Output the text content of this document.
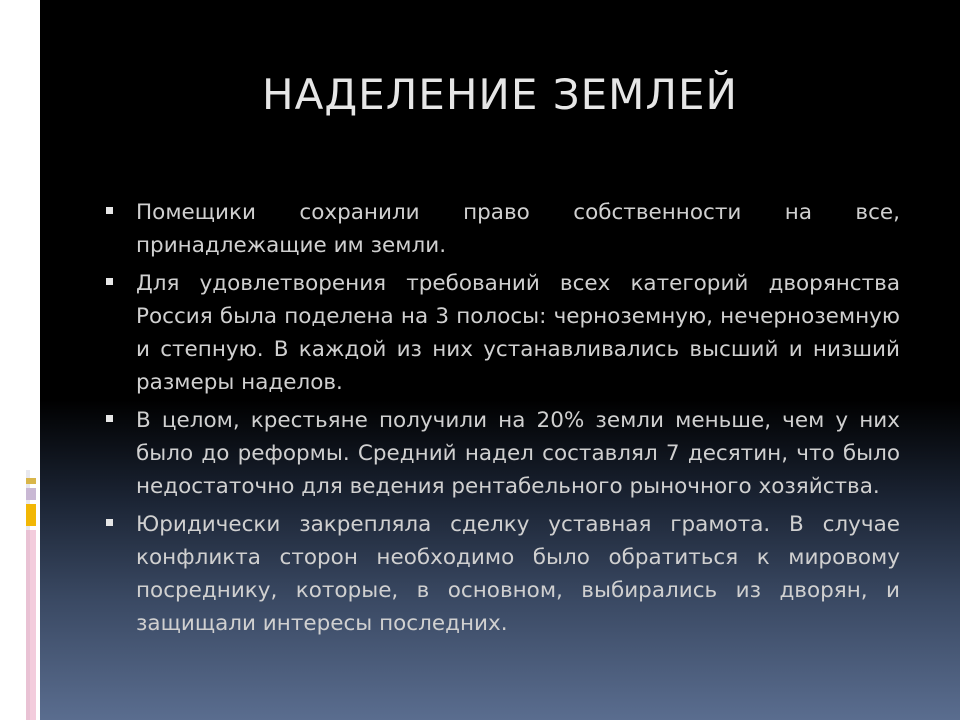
НАДЕЛЕНИЕ ЗЕМЛЕЙ
Помещики сохранили право собственности на все, принадлежащие им земли.
Для удовлетворения требований всех категорий дворянства Россия была поделена на 3 полосы: черноземную, нечерноземную и степную. В каждой из них устанавливались высший и низший размеры наделов.
В целом, крестьяне получили на 20% земли меньше, чем у них было до реформы. Средний надел составлял 7 десятин, что было недостаточно для ведения рентабельного рыночного хозяйства.
Юридически закрепляла сделку уставная грамота. В случае конфликта сторон необходимо было обратиться к мировому посреднику, которые, в основном, выбирались из дворян, и защищали интересы последних.
